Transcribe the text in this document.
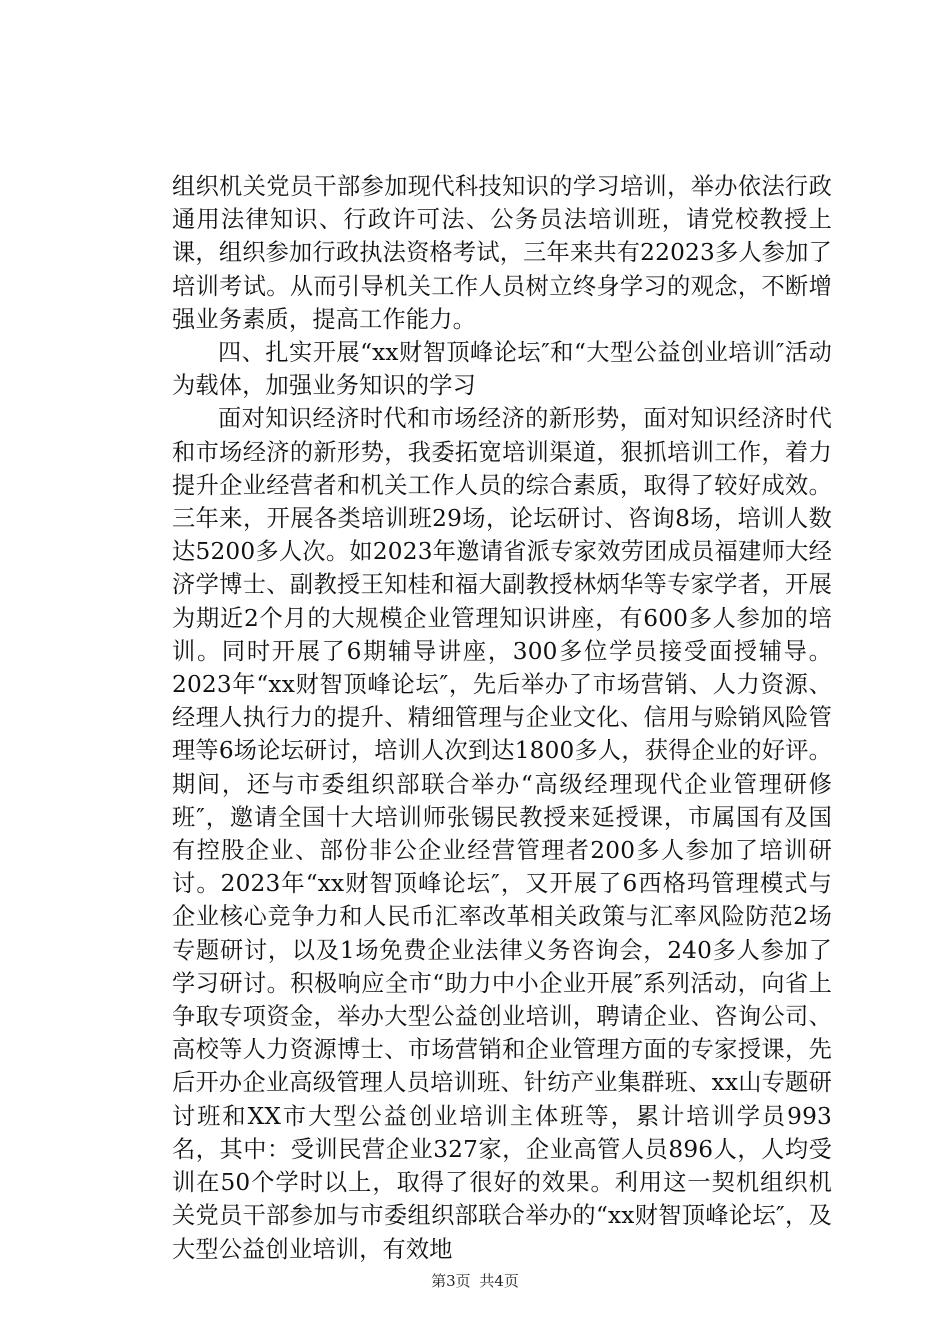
组织机关党员干部参加现代科技知识的学习培训，举办依法行政通用法律知识、行政许可法、公务员法培训班，请党校教授上课，组织参加行政执法资格考试，三年来共有22023多人参加了培训考试。从而引导机关工作人员树立终身学习的观念，不断增强业务素质，提高工作能力。

四、扎实开展“xx财智顶峰论坛″和“大型公益创业培训″活动为载体，加强业务知识的学习

面对知识经济时代和市场经济的新形势，面对知识经济时代和市场经济的新形势，我委拓宽培训渠道，狠抓培训工作，着力提升企业经营者和机关工作人员的综合素质，取得了较好成效。三年来，开展各类培训班29场，论坛研讨、咨询8场，培训人数达5200多人次。如2023年邀请省派专家效劳团成员福建师大经济学博士、副教授王知桂和福大副教授林炳华等专家学者，开展为期近2个月的大规模企业管理知识讲座，有600多人参加的培训。同时开展了6期辅导讲座，300多位学员接受面授辅导。2023年“xx财智顶峰论坛″，先后举办了市场营销、人力资源、经理人执行力的提升、精细管理与企业文化、信用与赊销风险管理等6场论坛研讨，培训人次到达1800多人，获得企业的好评。期间，还与市委组织部联合举办“高级经理现代企业管理研修班″，邀请全国十大培训师张锡民教授来延授课，市属国有及国有控股企业、部份非公企业经营管理者200多人参加了培训研讨。2023年“xx财智顶峰论坛″，又开展了6西格玛管理模式与企业核心竞争力和人民币汇率改革相关政策与汇率风险防范2场专题研讨，以及1场免费企业法律义务咨询会，240多人参加了学习研讨。积极响应全市“助力中小企业开展″系列活动，向省上争取专项资金，举办大型公益创业培训，聘请企业、咨询公司、高校等人力资源博士、市场营销和企业管理方面的专家授课，先后开办企业高级管理人员培训班、针纺产业集群班、xx山专题研讨班和XX市大型公益创业培训主体班等，累计培训学员993名，其中：受训民营企业327家，企业高管人员896人，人均受训在50个学时以上，取得了很好的效果。利用这一契机组织机关党员干部参加与市委组织部联合举办的“xx财智顶峰论坛″，及大型公益创业培训，有效地

第3页 共4页
